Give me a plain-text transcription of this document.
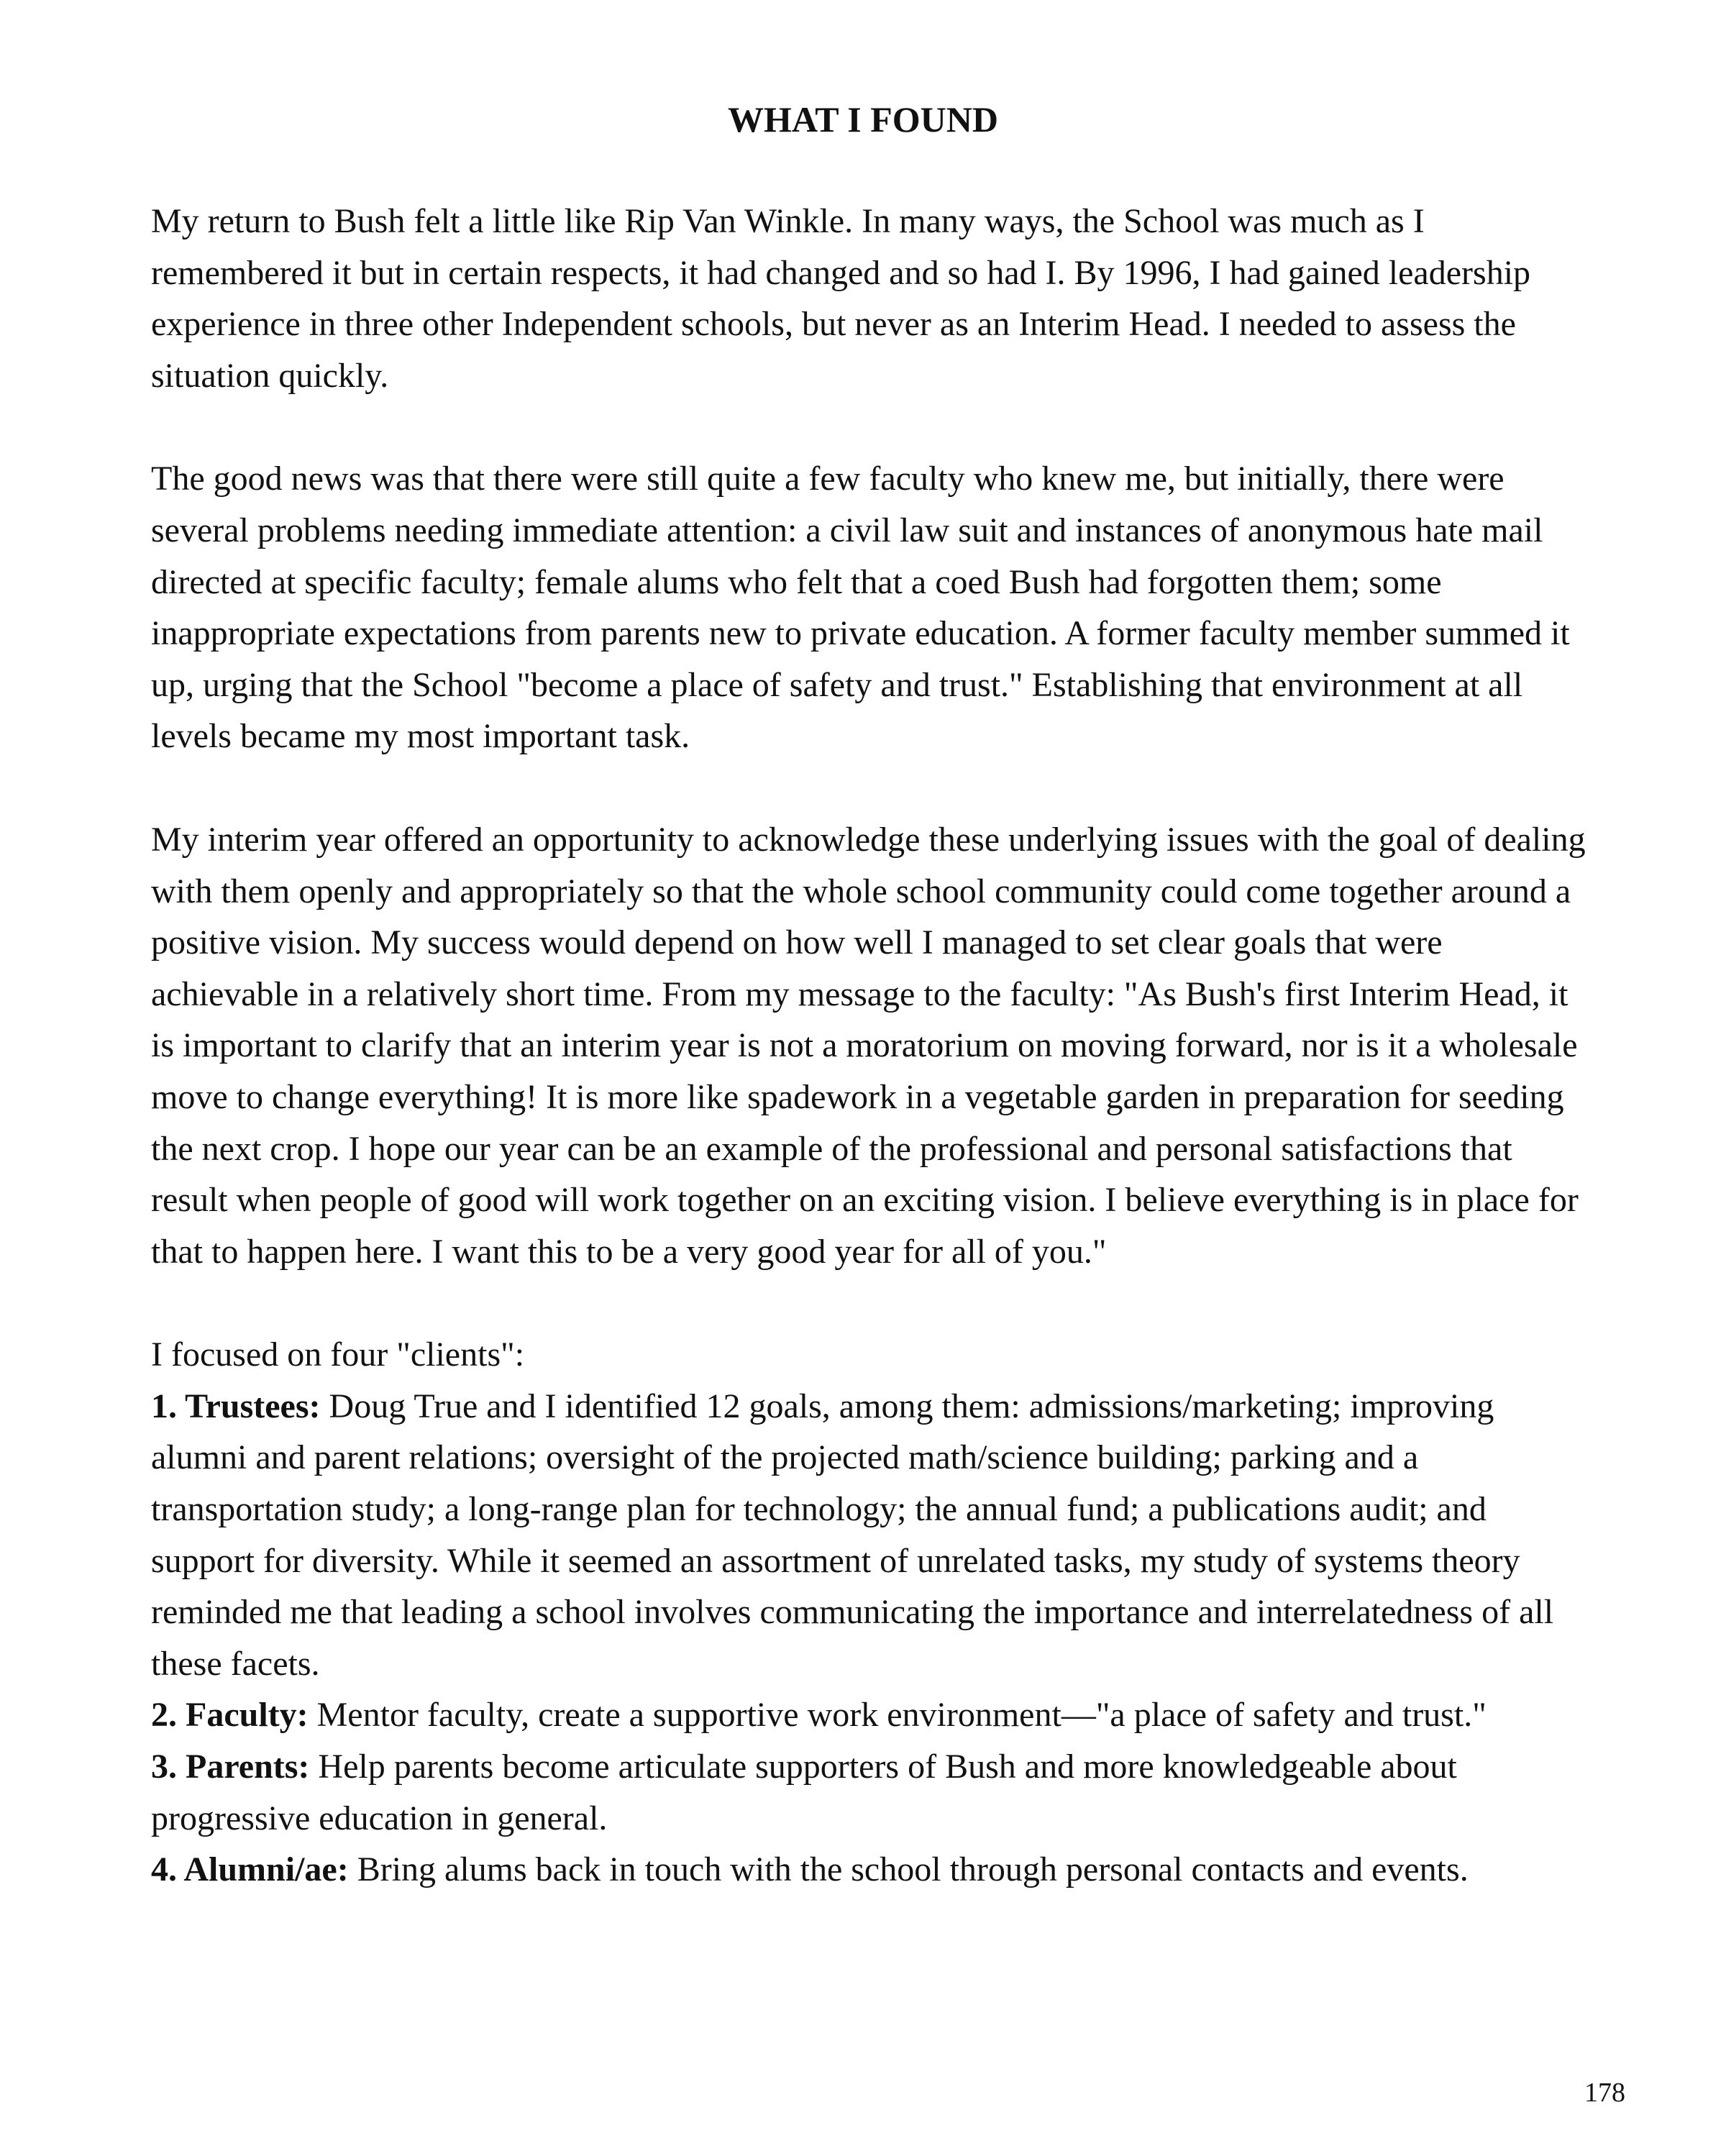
WHAT I FOUND

My return to Bush felt a little like Rip Van Winkle. In many ways, the School was much as I remembered it but in certain respects, it had changed and so had I. By 1996, I had gained leadership experience in three other Independent schools, but never as an Interim Head. I needed to assess the situation quickly.

The good news was that there were still quite a few faculty who knew me, but initially, there were several problems needing immediate attention: a civil law suit and instances of anonymous hate mail directed at specific faculty; female alums who felt that a coed Bush had forgotten them; some inappropriate expectations from parents new to private education. A former faculty member summed it up, urging that the School "become a place of safety and trust." Establishing that environment at all levels became my most important task.

My interim year offered an opportunity to acknowledge these underlying issues with the goal of dealing with them openly and appropriately so that the whole school community could come together around a positive vision. My success would depend on how well I managed to set clear goals that were achievable in a relatively short time. From my message to the faculty: "As Bush's first Interim Head, it is important to clarify that an interim year is not a moratorium on moving forward, nor is it a wholesale move to change everything! It is more like spadework in a vegetable garden in preparation for seeding the next crop. I hope our year can be an example of the professional and personal satisfactions that result when people of good will work together on an exciting vision. I believe everything is in place for that to happen here. I want this to be a very good year for all of you."

I focused on four "clients":

1. Trustees: Doug True and I identified 12 goals, among them: admissions/marketing; improving alumni and parent relations; oversight of the projected math/science building; parking and a transportation study; a long-range plan for technology; the annual fund; a publications audit; and support for diversity. While it seemed an assortment of unrelated tasks, my study of systems theory reminded me that leading a school involves communicating the importance and interrelatedness of all these facets.

2. Faculty: Mentor faculty, create a supportive work environment—"a place of safety and trust."

3. Parents: Help parents become articulate supporters of Bush and more knowledgeable about progressive education in general.

4. Alumni/ae: Bring alums back in touch with the school through personal contacts and events.

178
